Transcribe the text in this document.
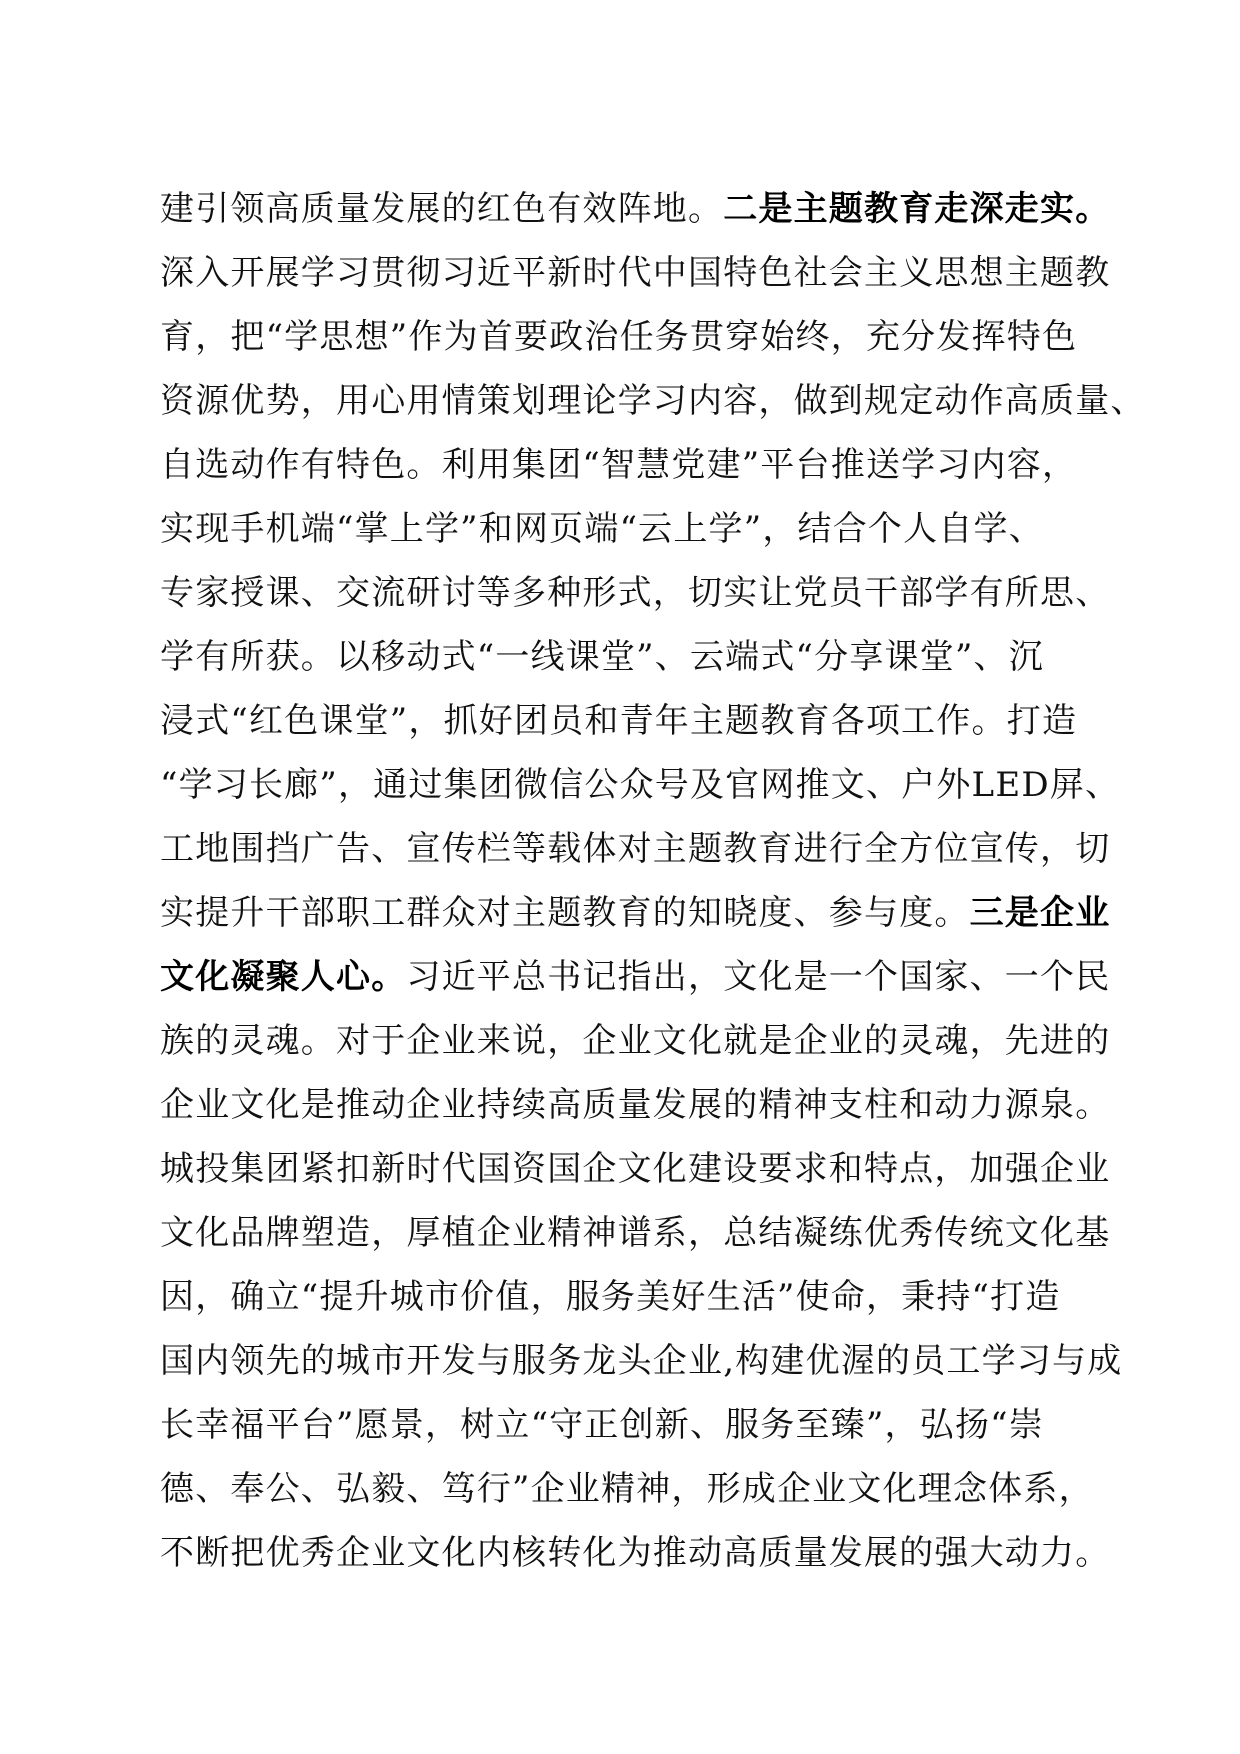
建引领高质量发展的红色有效阵地。二是主题教育走深走实。
深入开展学习贯彻习近平新时代中国特色社会主义思想主题教
育，把“学思想”作为首要政治任务贯穿始终，充分发挥特色
资源优势，用心用情策划理论学习内容，做到规定动作高质量、
自选动作有特色。利用集团“智慧党建”平台推送学习内容，
实现手机端“掌上学”和网页端“云上学”，结合个人自学、
专家授课、交流研讨等多种形式，切实让党员干部学有所思、
学有所获。以移动式“一线课堂”、云端式“分享课堂”、沉
浸式“红色课堂”，抓好团员和青年主题教育各项工作。打造
“学习长廊”，通过集团微信公众号及官网推文、户外LED屏、
工地围挡广告、宣传栏等载体对主题教育进行全方位宣传，切
实提升干部职工群众对主题教育的知晓度、参与度。三是企业
文化凝聚人心。习近平总书记指出，文化是一个国家、一个民
族的灵魂。对于企业来说，企业文化就是企业的灵魂，先进的
企业文化是推动企业持续高质量发展的精神支柱和动力源泉。
城投集团紧扣新时代国资国企文化建设要求和特点，加强企业
文化品牌塑造，厚植企业精神谱系，总结凝练优秀传统文化基
因，确立“提升城市价值，服务美好生活”使命，秉持“打造
国内领先的城市开发与服务龙头企业,构建优渥的员工学习与成
长幸福平台”愿景，树立“守正创新、服务至臻”，弘扬“崇
德、奉公、弘毅、笃行”企业精神，形成企业文化理念体系，
不断把优秀企业文化内核转化为推动高质量发展的强大动力。
